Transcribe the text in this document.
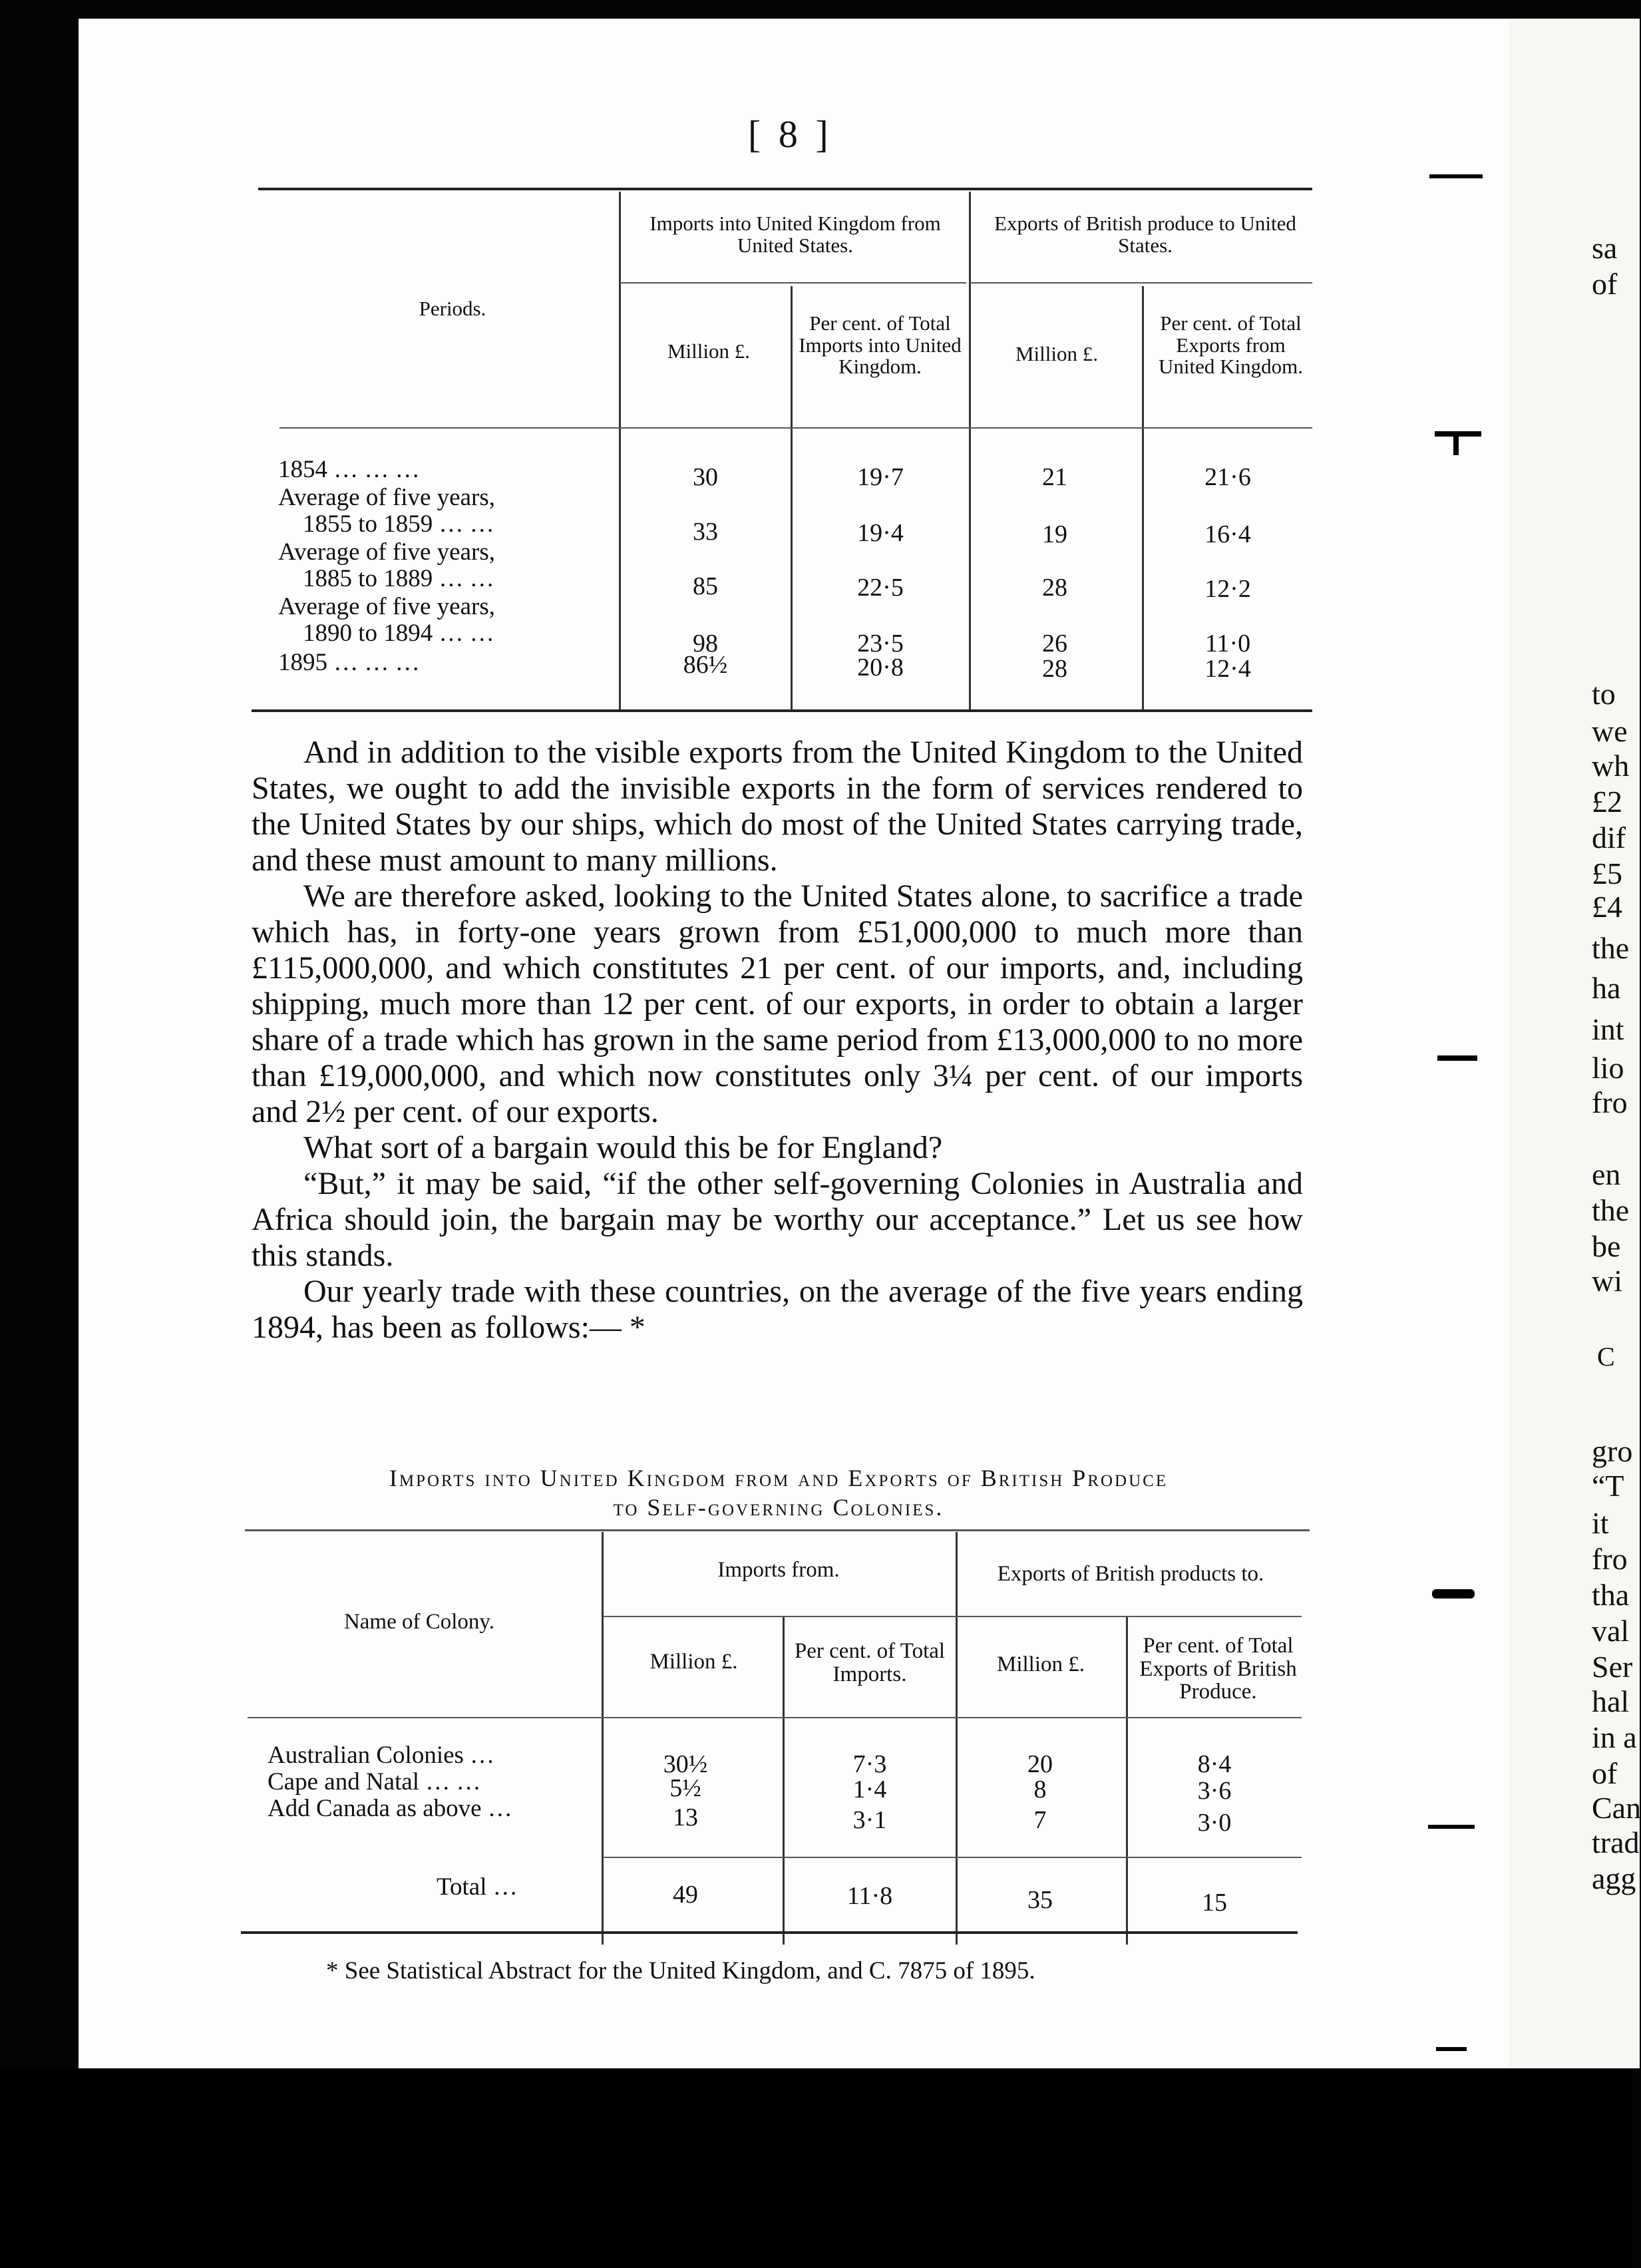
[ 8 ]
Periods.
Imports into United Kingdom from United States.
Exports of British produce to United States.
Million £.
Per cent. of Total Imports into United Kingdom.
Million £.
Per cent. of Total Exports from United Kingdom.
1854 … … …	30	19·7	21	21·6
Average of five years,
1855 to 1859 … …	33	19·4	19	16·4
Average of five years,
1885 to 1889 … …	85	22·5	28	12·2
Average of five years,
1890 to 1894 … …	98	23·5	26	11·0
1895 … … …	86½	20·8	28	12·4

And in addition to the visible exports from the United Kingdom to the United States, we ought to add the invisible exports in the form of services rendered to the United States by our ships, which do most of the United States carrying trade, and these must amount to many millions.

We are therefore asked, looking to the United States alone, to sacrifice a trade which has, in forty-one years grown from £51,000,000 to much more than £115,000,000, and which constitutes 21 per cent. of our imports, and, including shipping, much more than 12 per cent. of our exports, in order to obtain a larger share of a trade which has grown in the same period from £13,000,000 to no more than £19,000,000, and which now constitutes only 3¼ per cent. of our imports and 2½ per cent. of our exports.

What sort of a bargain would this be for England?

“But,” it may be said, “if the other self-governing Colonies in Australia and Africa should join, the bargain may be worthy our acceptance.” Let us see how this stands.

Our yearly trade with these countries, on the average of the five years ending 1894, has been as follows:— *

Imports into United Kingdom from and Exports of British Produce
to Self-governing Colonies.
Name of Colony.
Imports from.	Exports of British products to.
Million £.	Per cent. of Total Imports.	Million £.
Per cent. of Total Exports of British Produce.
Australian Colonies …	30½	7·3	20	8·4
Cape and Natal … …	5½	1·4	8	3·6
Add Canada as above …	13	3·1	7	3·0
Total …	49	11·8	35	15
* See Statistical Abstract for the United Kingdom, and C. 7875 of 1895.
sa
of
to
we
wh
£2
dif
£5
£4
the
ha
int
lio
fro
en
the
be
wi
C
gro
“T
it
fro
tha
val
Ser
hal
in a
of
Can
trad
agg
